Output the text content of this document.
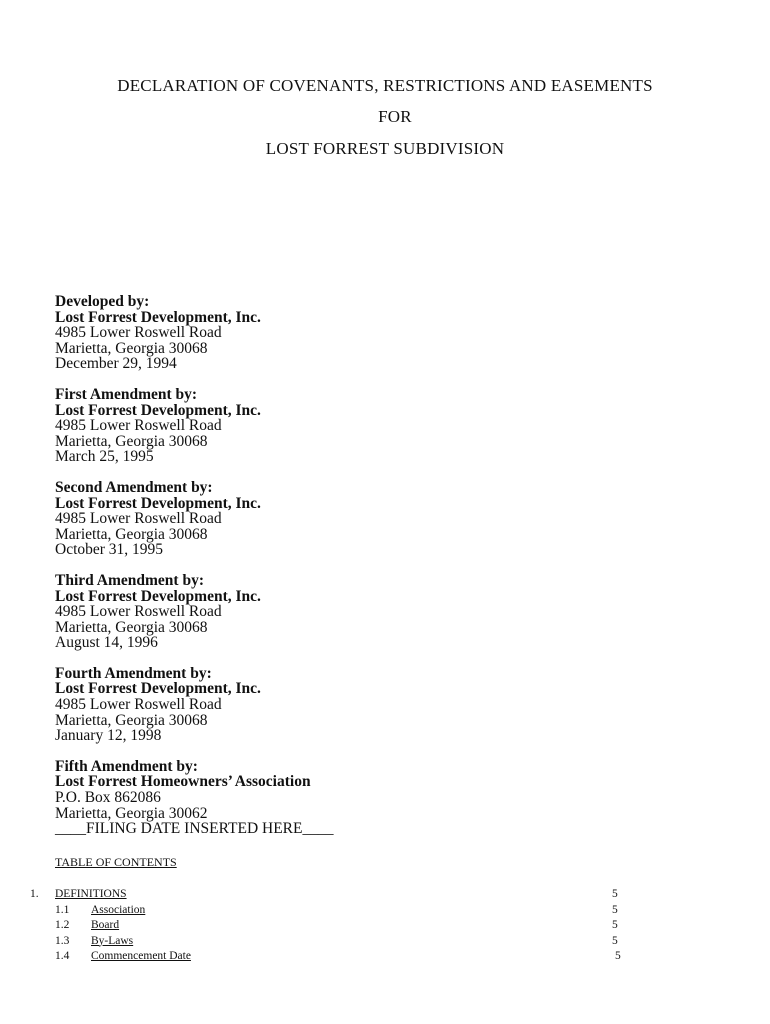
DECLARATION OF COVENANTS, RESTRICTIONS AND EASEMENTS
FOR
LOST FORREST SUBDIVISION
Developed by:
Lost Forrest Development, Inc.
4985 Lower Roswell Road
Marietta, Georgia 30068
December 29, 1994
First Amendment by:
Lost Forrest Development, Inc.
4985 Lower Roswell Road
Marietta, Georgia 30068
March 25, 1995
Second Amendment by:
Lost Forrest Development, Inc.
4985 Lower Roswell Road
Marietta, Georgia 30068
October 31, 1995
Third Amendment by:
Lost Forrest Development, Inc.
4985 Lower Roswell Road
Marietta, Georgia 30068
August 14, 1996
Fourth Amendment by:
Lost Forrest Development, Inc.
4985 Lower Roswell Road
Marietta, Georgia 30068
January 12, 1998
Fifth Amendment by:
Lost Forrest Homeowners’ Association
P.O. Box 862086
Marietta, Georgia 30062
____FILING DATE INSERTED HERE____
TABLE OF CONTENTS
1. DEFINITIONS	5
1.1 Association	5
1.2 Board	5
1.3 By-Laws	5
1.4 Commencement Date	5
